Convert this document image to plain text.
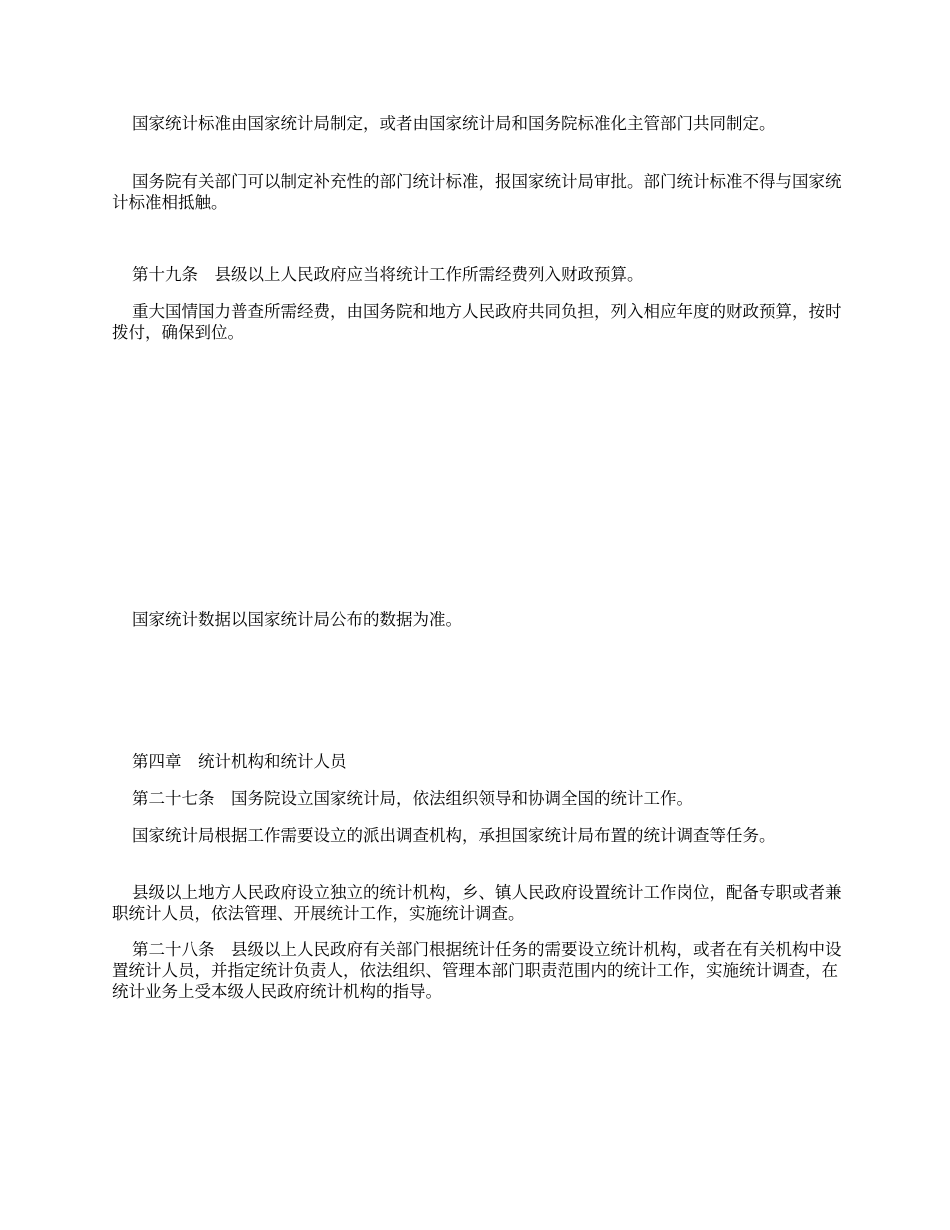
国家统计标准由国家统计局制定，或者由国家统计局和国务院标准化主管部门共同制定。

国务院有关部门可以制定补充性的部门统计标准，报国家统计局审批。部门统计标准不得与国家统计标准相抵触。

第十九条　县级以上人民政府应当将统计工作所需经费列入财政预算。

重大国情国力普查所需经费，由国务院和地方人民政府共同负担，列入相应年度的财政预算，按时拨付，确保到位。

国家统计数据以国家统计局公布的数据为准。

第四章　统计机构和统计人员

第二十七条　国务院设立国家统计局，依法组织领导和协调全国的统计工作。

国家统计局根据工作需要设立的派出调查机构，承担国家统计局布置的统计调查等任务。

县级以上地方人民政府设立独立的统计机构，乡、镇人民政府设置统计工作岗位，配备专职或者兼职统计人员，依法管理、开展统计工作，实施统计调查。

第二十八条　县级以上人民政府有关部门根据统计任务的需要设立统计机构，或者在有关机构中设置统计人员，并指定统计负责人，依法组织、管理本部门职责范围内的统计工作，实施统计调查，在统计业务上受本级人民政府统计机构的指导。
